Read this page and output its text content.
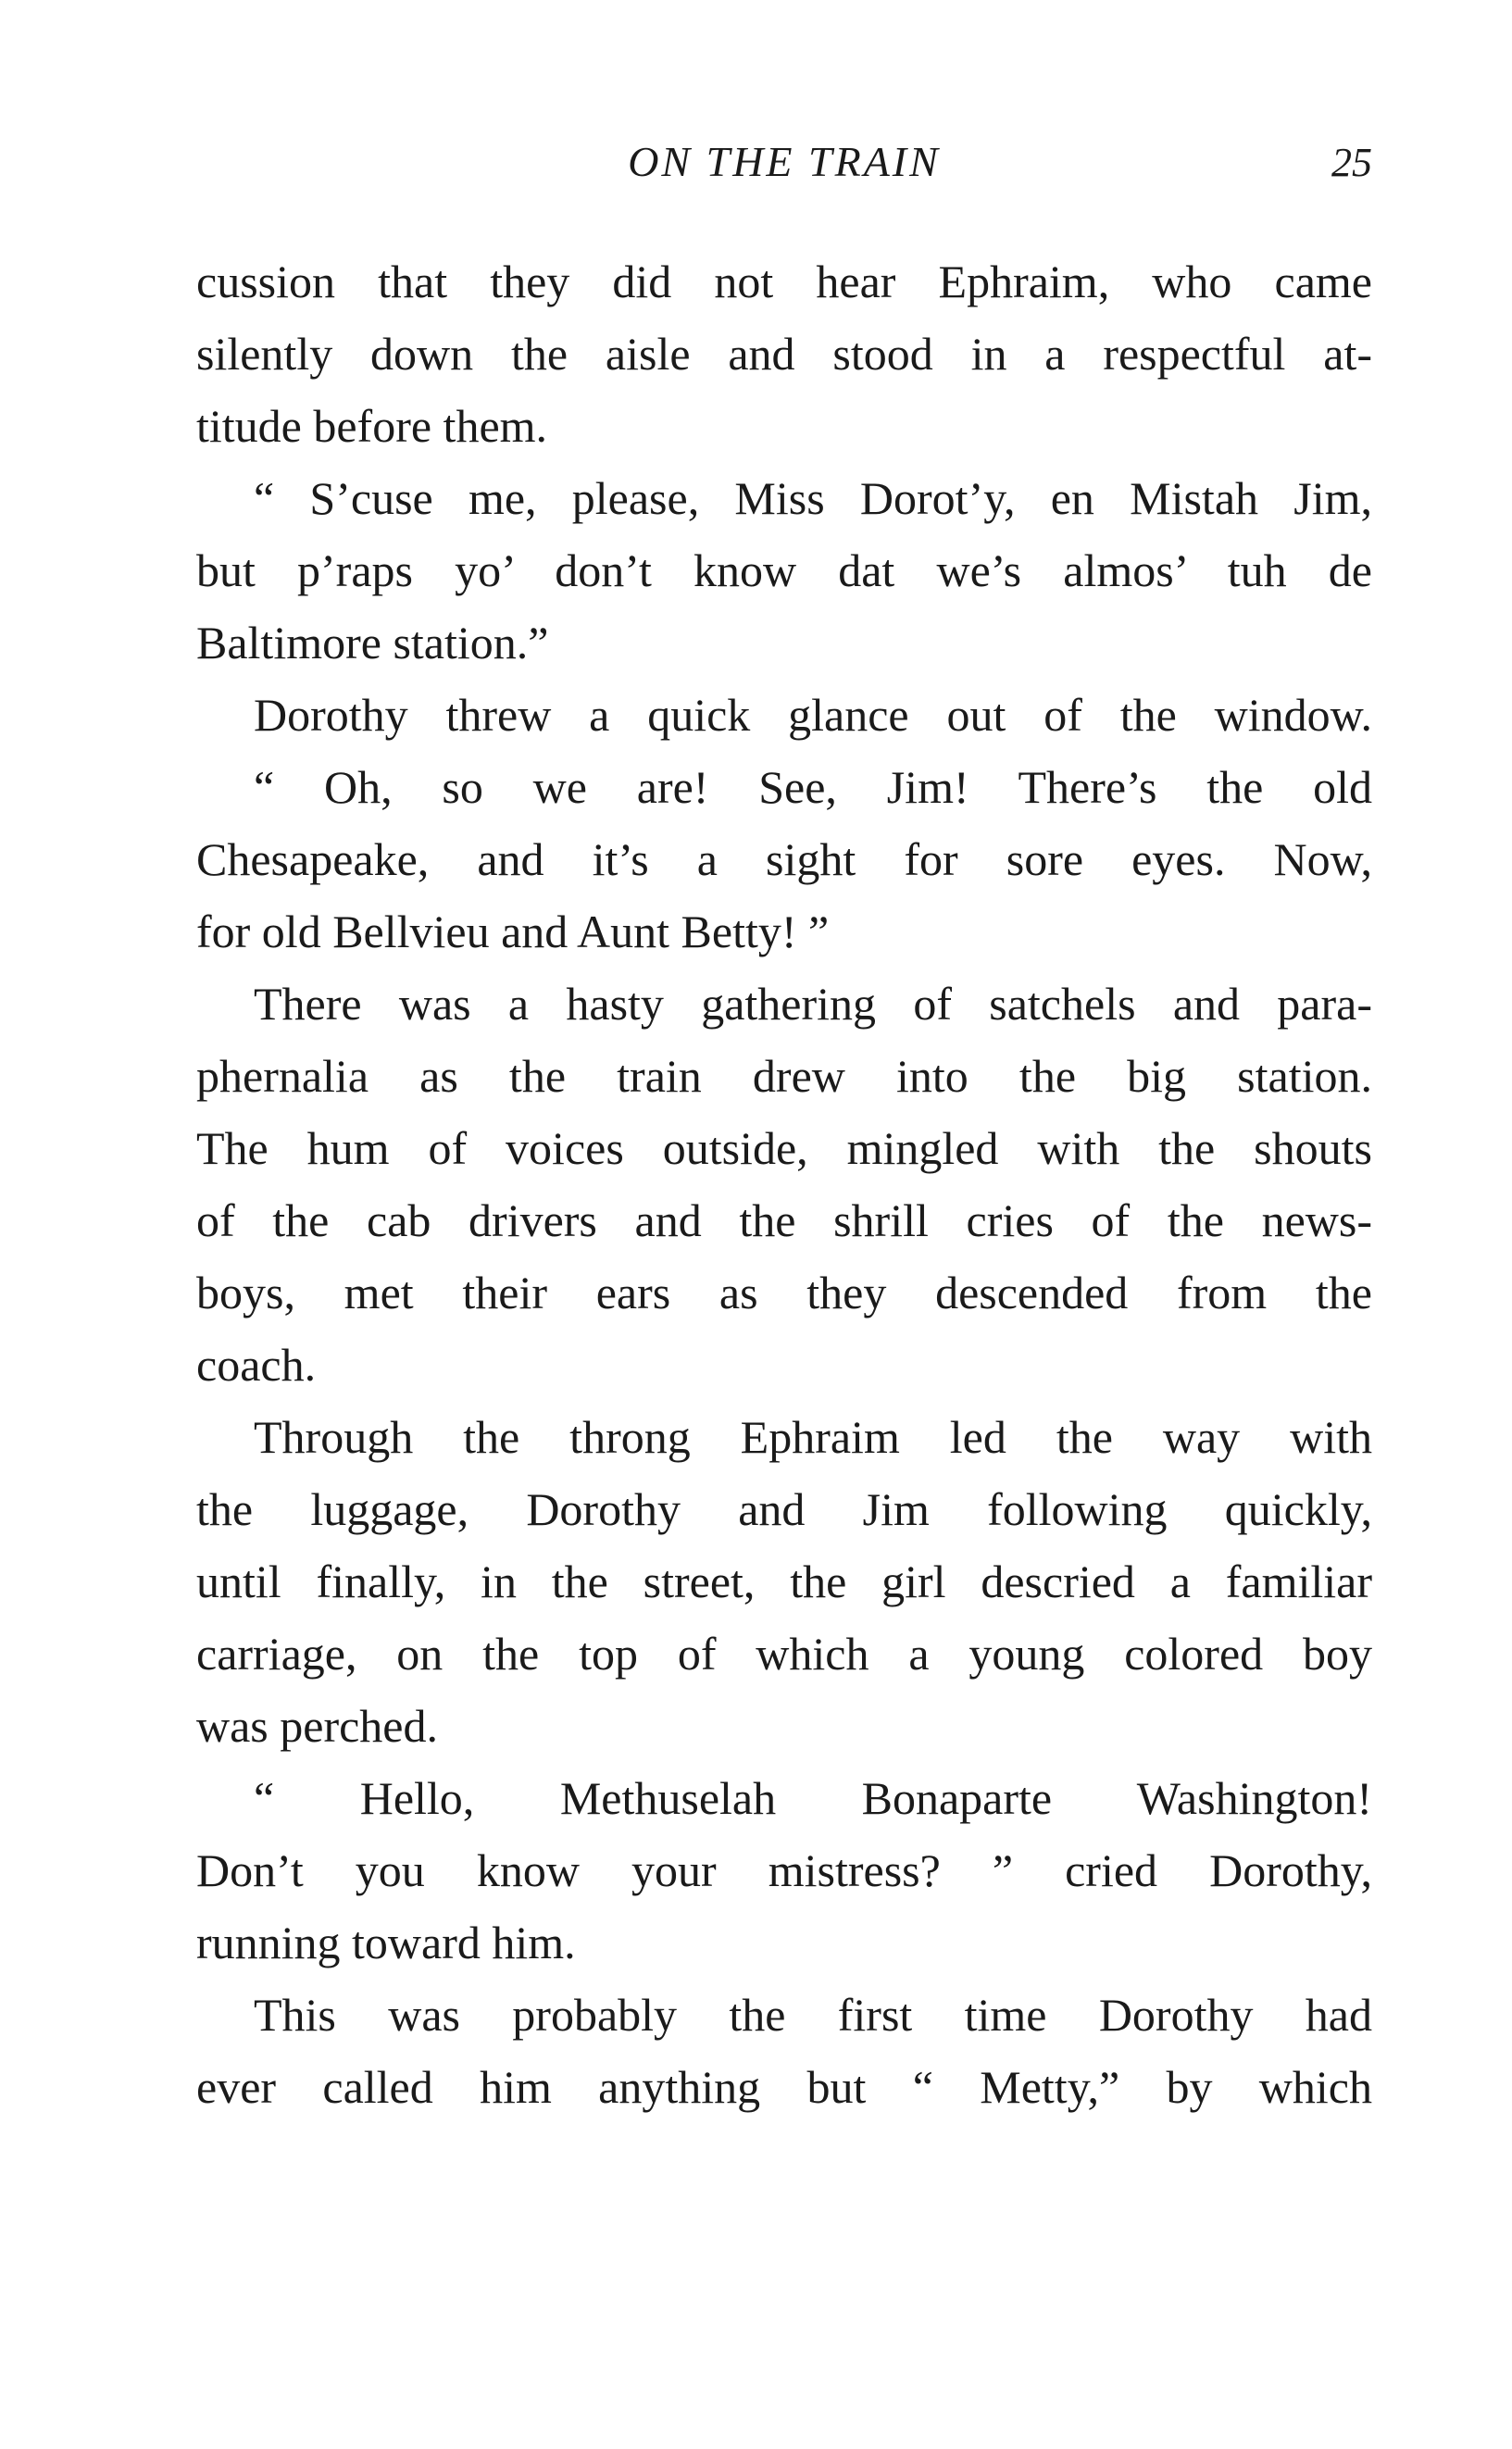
ON THE TRAIN	25
cussion that they did not hear Ephraim, who came
silently down the aisle and stood in a respectful at-
titude before them.
“ S’cuse me, please, Miss Dorot’y, en Mistah Jim,
but p’raps yo’ don’t know dat we’s almos’ tuh de
Baltimore station.”
Dorothy threw a quick glance out of the window.
“ Oh, so we are! See, Jim! There’s the old
Chesapeake, and it’s a sight for sore eyes. Now,
for old Bellvieu and Aunt Betty! ”
There was a hasty gathering of satchels and para-
phernalia as the train drew into the big station.
The hum of voices outside, mingled with the shouts
of the cab drivers and the shrill cries of the news-
boys, met their ears as they descended from the
coach.
Through the throng Ephraim led the way with
the luggage, Dorothy and Jim following quickly,
until finally, in the street, the girl descried a familiar
carriage, on the top of which a young colored boy
was perched.
“ Hello, Methuselah Bonaparte Washington!
Don’t you know your mistress? ” cried Dorothy,
running toward him.
This was probably the first time Dorothy had
ever called him anything but “ Metty,” by which
